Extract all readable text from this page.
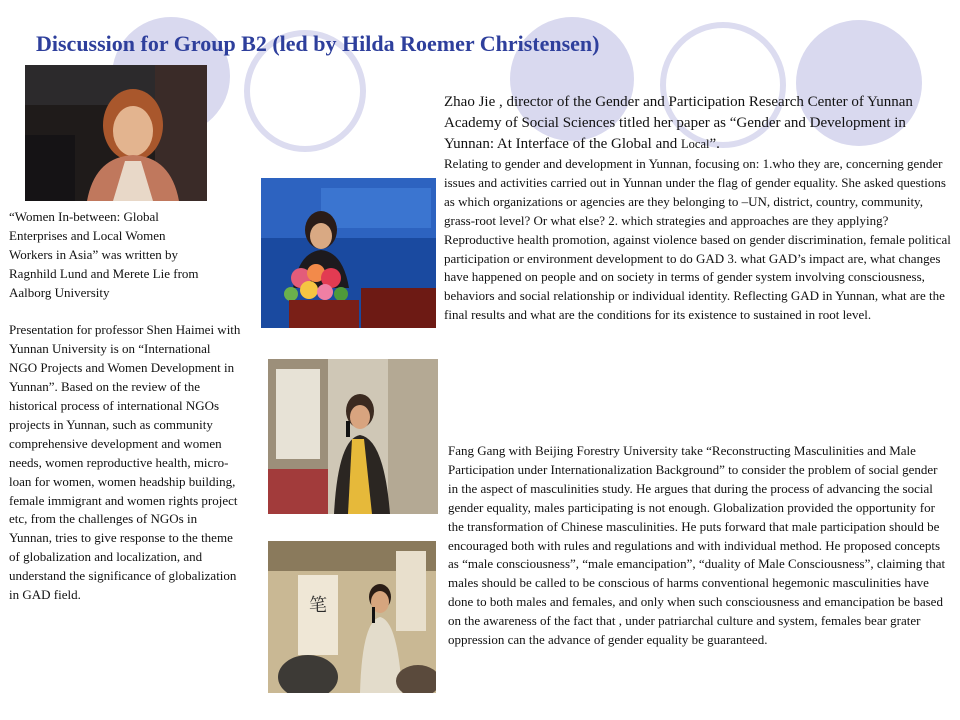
Discussion for Group B2 (led by Hilda Roemer Christensen)

“Women In-between: Global Enterprises and Local Women Workers in Asia” was written by Ragnhild Lund and Merete Lie from Aalborg University

Presentation for professor Shen Haimei with Yunnan University is on “International NGO Projects and Women Development in Yunnan”. Based on the review of the historical process of international NGOs projects in Yunnan, such as community comprehensive development and women needs, women reproductive health, micro-loan for women, women headship building, female immigrant and women rights project etc, from the challenges of NGOs in Yunnan, tries to give response to the theme of globalization and localization, and understand the significance of globalization in GAD field.

笔

Zhao Jie , director of the Gender and Participation Research Center of Yunnan Academy of Social Sciences titled her paper as “Gender and Development in Yunnan: At Interface of the Global and Local”.

Relating to gender and development in Yunnan, focusing on: 1.who they are, concerning gender issues and activities carried out in Yunnan under the flag of gender equality. She asked questions as which organizations or agencies are they belonging to –UN, district, country, community, grass-root level? Or what else? 2. which strategies and approaches are they applying? Reproductive health promotion, against violence based on gender discrimination, female political participation or environment development to do GAD 3. what GAD’s impact are, what changes have happened on people and on society in terms of gender system involving consciousness, behaviors and social relationship or individual identity. Reflecting GAD in Yunnan, what are the final results and what are the conditions for its existence to sustained in root level.

Fang Gang with Beijing Forestry University take “Reconstructing Masculinities and Male Participation under Internationalization Background” to consider the problem of social gender in the aspect of masculinities study. He argues that during the process of advancing the social gender equality, males participating is not enough. Globalization provided the opportunity for the transformation of Chinese masculinities. He puts forward that male participation should be encouraged both with rules and regulations and with individual method. He proposed concepts as “male consciousness”, “male emancipation”, “duality of Male Consciousness”, claiming that males should be called to be conscious of harms conventional hegemonic masculinities have done to both males and females, and only when such consciousness and emancipation be based on the awareness of the fact that , under patriarchal culture and system, females bear grater oppression can the advance of gender equality be guaranteed.
